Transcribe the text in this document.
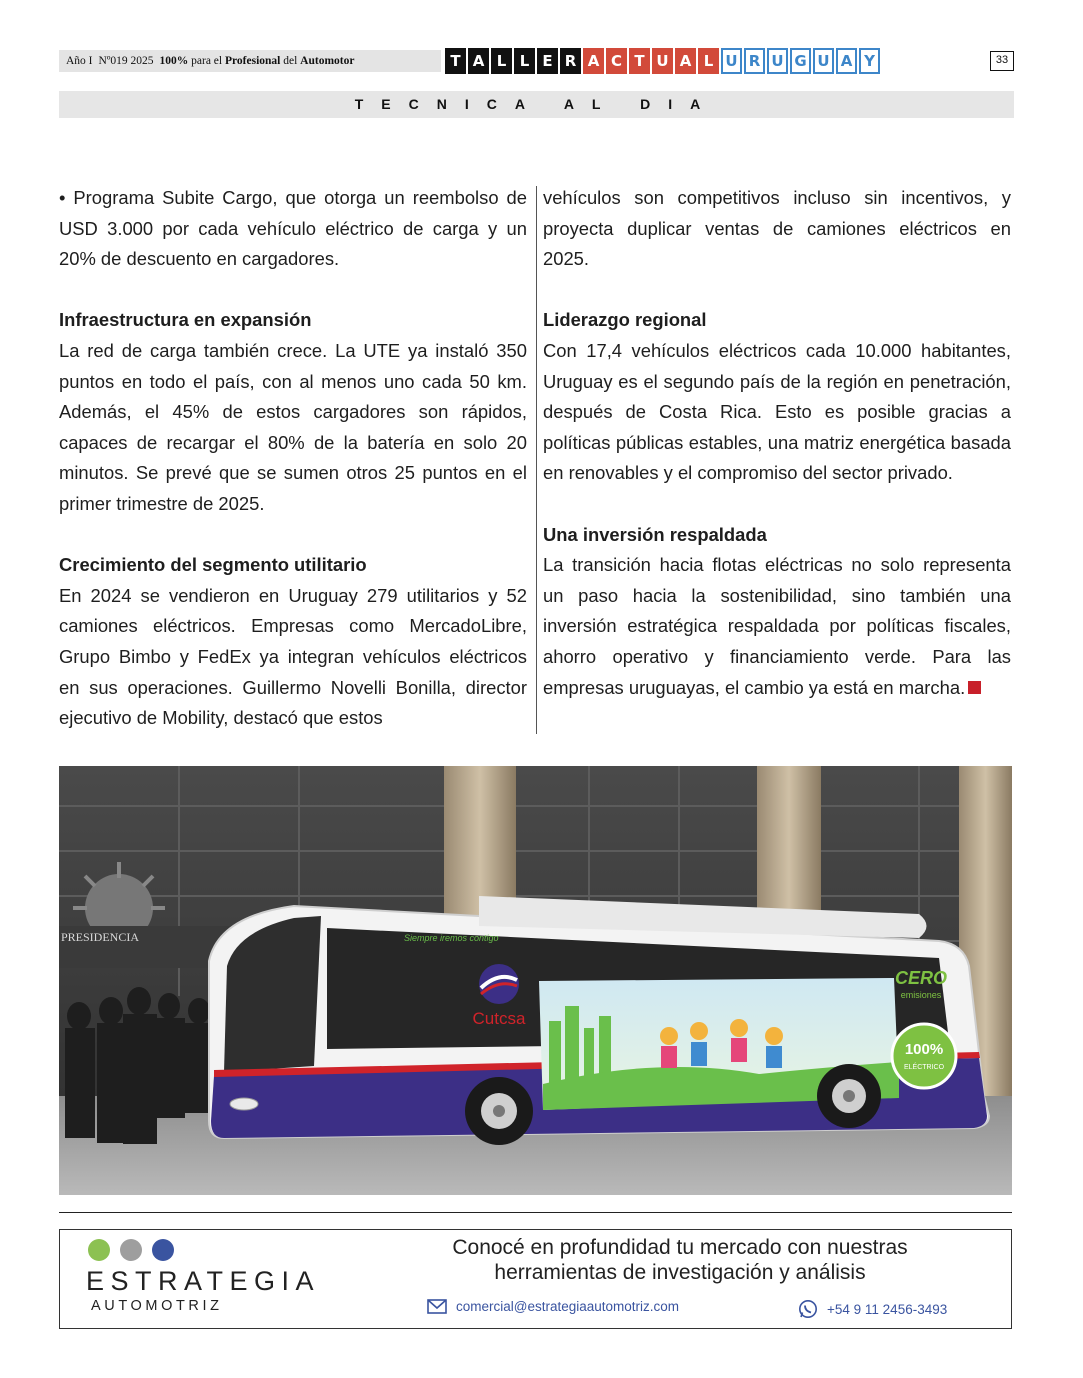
Año I Nº019 2025 100% para el Profesional del Automotor	T A L L E R A C T U A L U R U G U A Y	33
TECNICA AL DIA

• Programa Subite Cargo, que otorga un reembolso de USD 3.000 por cada vehículo eléctrico de carga y un 20% de descuento en cargadores.

Infraestructura en expansión

La red de carga también crece. La UTE ya instaló 350 puntos en todo el país, con al menos uno cada 50 km. Además, el 45% de estos cargadores son rápidos, capaces de recargar el 80% de la batería en solo 20 minutos. Se prevé que se sumen otros 25 puntos en el primer trimestre de 2025.

Crecimiento del segmento utilitario

En 2024 se vendieron en Uruguay 279 utilitarios y 52 camiones eléctricos. Empresas como MercadoLibre, Grupo Bimbo y FedEx ya integran vehículos eléctricos en sus operaciones. Guillermo Novelli Bonilla, director ejecutivo de Mobility, destacó que estos

vehículos son competitivos incluso sin incentivos, y proyecta duplicar ventas de camiones eléctricos en 2025.

Liderazgo regional

Con 17,4 vehículos eléctricos cada 10.000 habitantes, Uruguay es el segundo país de la región en penetración, después de Costa Rica. Esto es posible gracias a políticas públicas estables, una matriz energética basada en renovables y el compromiso del sector privado.

Una inversión respaldada

La transición hacia flotas eléctricas no solo representa un paso hacia la sostenibilidad, sino también una inversión estratégica respaldada por políticas fiscales, ahorro operativo y financiamiento verde. Para las empresas uruguayas, el cambio ya está en marcha.

100%
ELÉCTRICO
CERO
emisiones
Cutcsa
Siempre iremos contigo
PRESIDENCIA
ESTRATEGIA
AUTOMOTRIZ
Conocé en profundidad tu mercado con nuestras
herramientas de investigación y análisis
comercial@estrategiaautomotriz.com	+54 9 11 2456-3493
